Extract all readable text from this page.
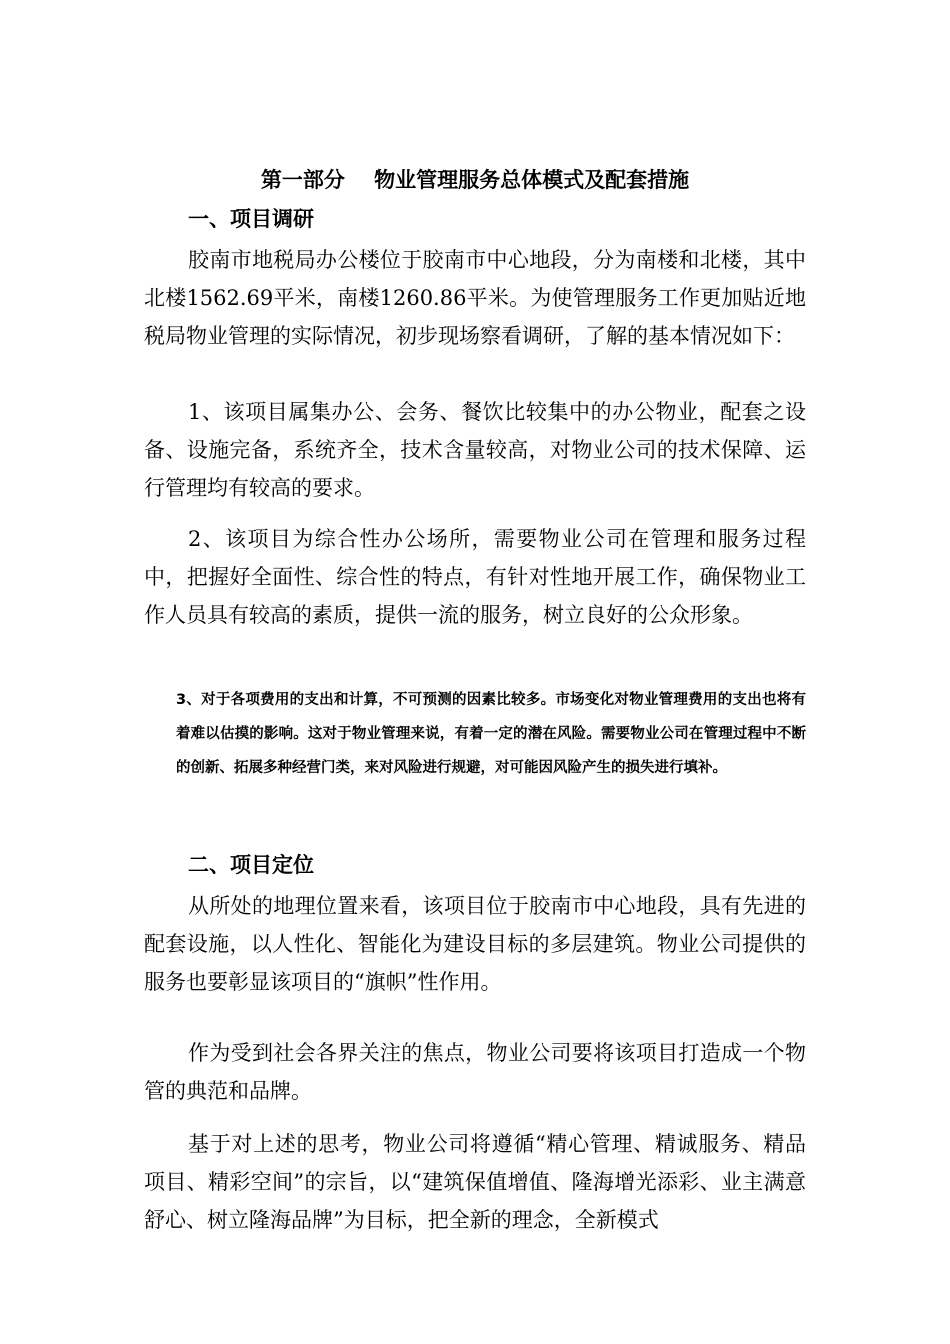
第一部分    物业管理服务总体模式及配套措施
一、项目调研

胶南市地税局办公楼位于胶南市中心地段，分为南楼和北楼，其中北楼1562.69平米，南楼1260.86平米。为使管理服务工作更加贴近地税局物业管理的实际情况，初步现场察看调研，了解的基本情况如下：

1、该项目属集办公、会务、餐饮比较集中的办公物业，配套之设备、设施完备，系统齐全，技术含量较高，对物业公司的技术保障、运行管理均有较高的要求。

2、该项目为综合性办公场所，需要物业公司在管理和服务过程中，把握好全面性、综合性的特点，有针对性地开展工作，确保物业工作人员具有较高的素质，提供一流的服务，树立良好的公众形象。

3、对于各项费用的支出和计算，不可预测的因素比较多。市场变化对物业管理费用的支出也将有着难以估摸的影响。这对于物业管理来说，有着一定的潜在风险。需要物业公司在管理过程中不断的创新、拓展多种经营门类，来对风险进行规避，对可能因风险产生的损失进行填补。

二、项目定位

从所处的地理位置来看，该项目位于胶南市中心地段，具有先进的配套设施，以人性化、智能化为建设目标的多层建筑。物业公司提供的服务也要彰显该项目的“旗帜”性作用。

作为受到社会各界关注的焦点，物业公司要将该项目打造成一个物管的典范和品牌。

基于对上述的思考，物业公司将遵循“精心管理、精诚服务、精品项目、精彩空间”的宗旨，以“建筑保值增值、隆海增光添彩、业主满意舒心、树立隆海品牌”为目标，把全新的理念，全新模式
